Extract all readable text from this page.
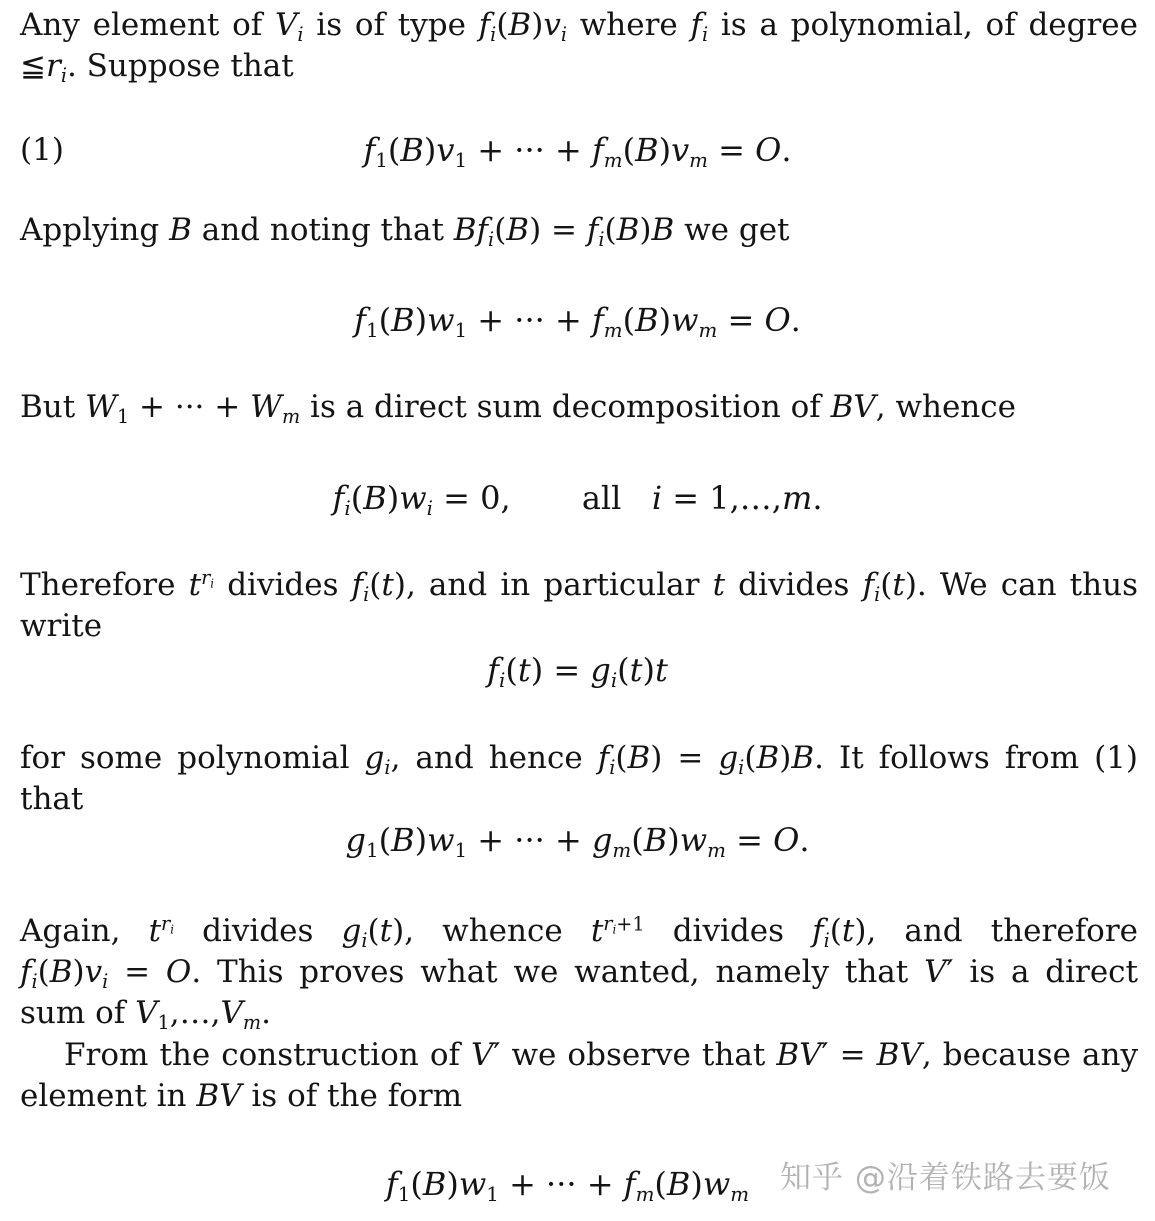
Any element of $V_i$ is of type $f_i(B)v_i$ where $f_i$ is a polynomial, of degree
$≦r_i$. Suppose that
(1)	$f_1(B)v_1$ + ··· + $f_m(B)v_m = O$.
Applying B and noting that $Bf_i(B) = f_i(B)B$ we get
$f_1(B)w_1$ + ··· + $f_m(B)w_m = O$.
But $W_1$ + ··· + $W_m$ is a direct sum decomposition of BV, whence
$f_i(B)w_i = 0$,       all   i = 1,…,m.
Therefore $t^{r_i}$ divides $f_i(t)$, and in particular t divides $f_i(t)$. We can thus
write
$f_i(t) = g_i(t)t$
for some polynomial $g_i$, and hence $f_i(B) = g_i(B)B$. It follows from (1)
that
$g_1(B)w_1$ + ··· + $g_m(B)w_m = O$.
Again, $t^{r_i}$ divides $g_i(t)$, whence $t^{r_i+1}$ divides $f_i(t)$, and therefore
$f_i(B)v_i = O$. This proves what we wanted, namely that V′ is a direct
sum of $V_1,\dots,V_m$.
From the construction of V′ we observe that BV′ = BV, because any
element in BV is of the form
$f_1(B)w_1$ + ··· + $f_m(B)w_m$ 知乎 @沿着铁路去要饭
